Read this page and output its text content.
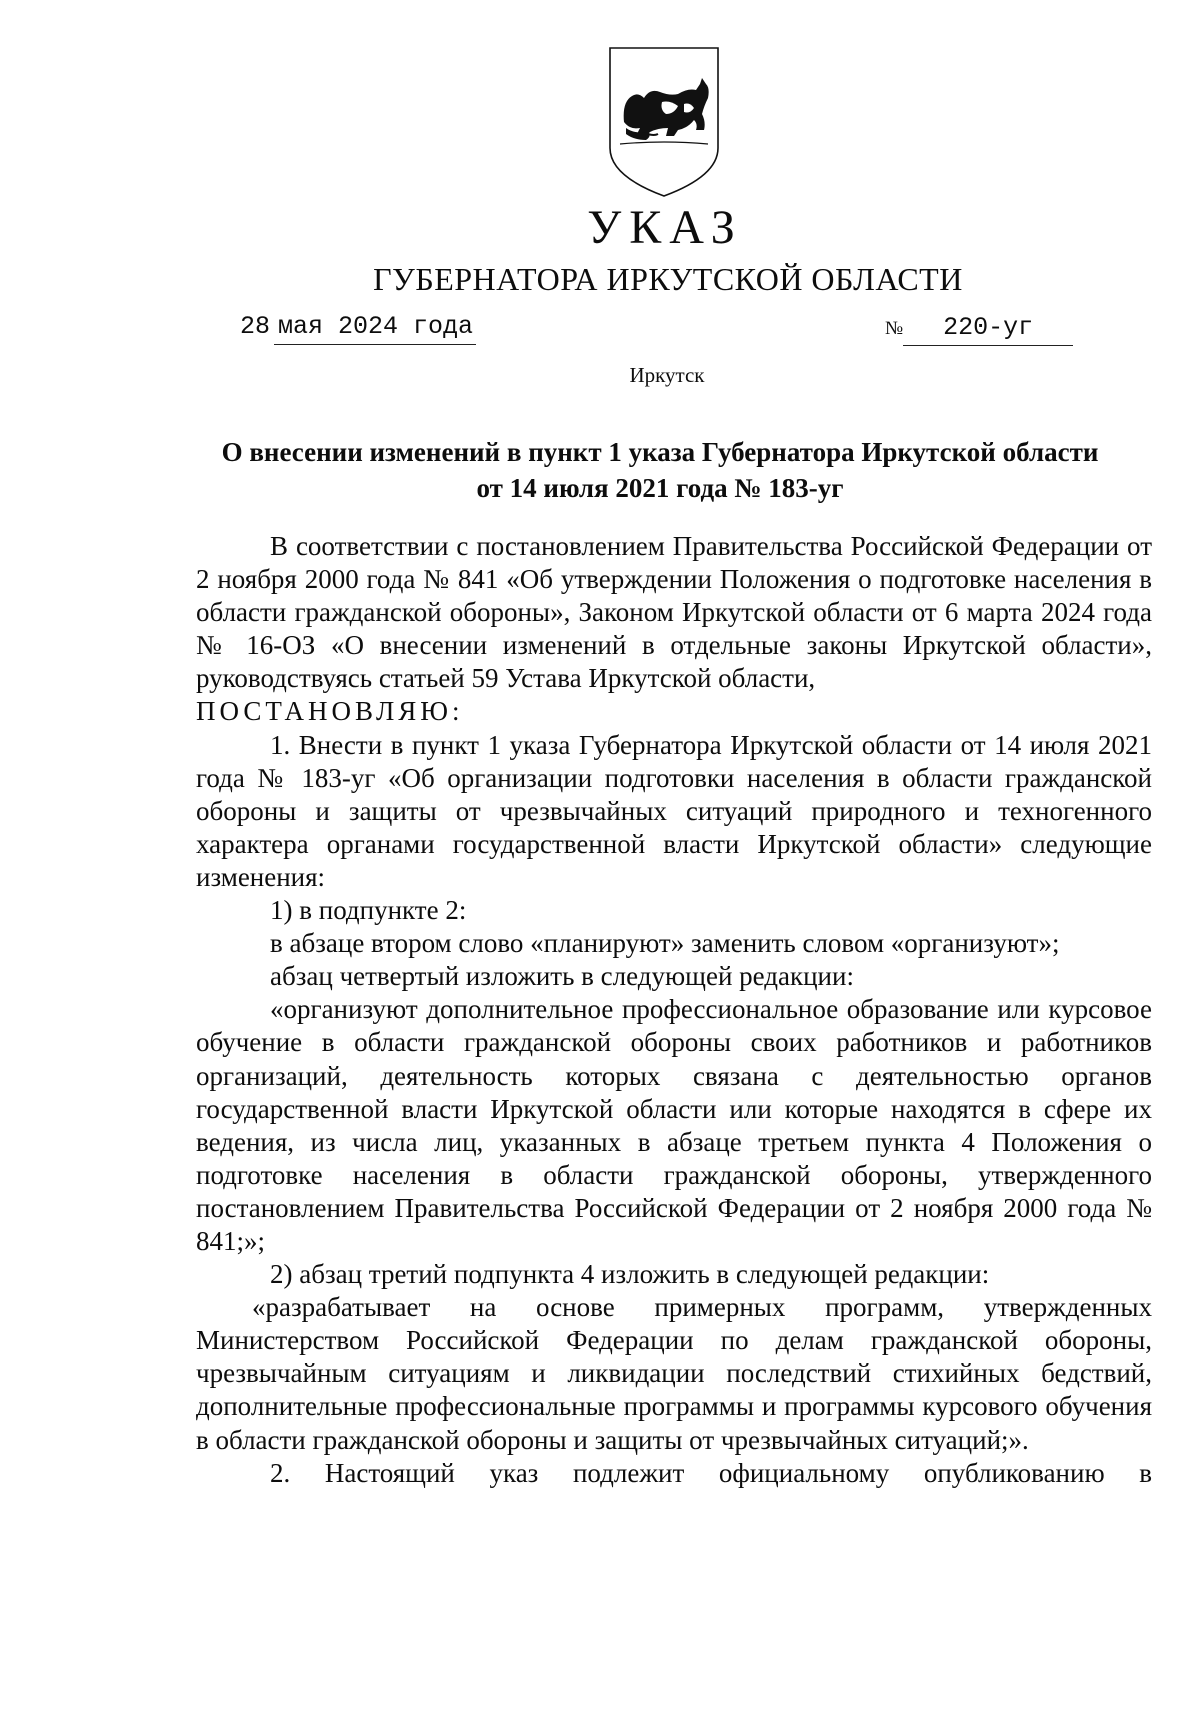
УКАЗ
ГУБЕРНАТОРА ИРКУТСКОЙ ОБЛАСТИ
28 мая 2024 года	№ 220-уг
Иркутск
О внесении изменений в пункт 1 указа Губернатора Иркутской области
от 14 июля 2021 года № 183-уг

В соответствии с постановлением Правительства Российской Федерации от 2 ноября 2000 года № 841 «Об утверждении Положения о подготовке населения в области гражданской обороны», Законом Иркутской области от 6 марта 2024 года № 16-ОЗ «О внесении изменений в отдельные законы Иркутской области», руководствуясь статьей 59 Устава Иркутской области,

ПОСТАНОВЛЯЮ:

1. Внести в пункт 1 указа Губернатора Иркутской области от 14 июля 2021 года № 183-уг «Об организации подготовки населения в области гражданской обороны и защиты от чрезвычайных ситуаций природного и техногенного характера органами государственной власти Иркутской области» следующие изменения:

1) в подпункте 2:

в абзаце втором слово «планируют» заменить словом «организуют»;

абзац четвертый изложить в следующей редакции:

«организуют дополнительное профессиональное образование или курсовое обучение в области гражданской обороны своих работников и работников организаций, деятельность которых связана с деятельностью органов государственной власти Иркутской области или которые находятся в сфере их ведения, из числа лиц, указанных в абзаце третьем пункта 4 Положения о подготовке населения в области гражданской обороны, утвержденного постановлением Правительства Российской Федерации от 2 ноября 2000 года № 841;»;

2) абзац третий подпункта 4 изложить в следующей редакции:

«разрабатывает на основе примерных программ, утвержденных Министерством Российской Федерации по делам гражданской обороны, чрезвычайным ситуациям и ликвидации последствий стихийных бедствий, дополнительные профессиональные программы и программы курсового обучения в области гражданской обороны и защиты от чрезвычайных ситуаций;».

2. Настоящий указ подлежит официальному опубликованию в
